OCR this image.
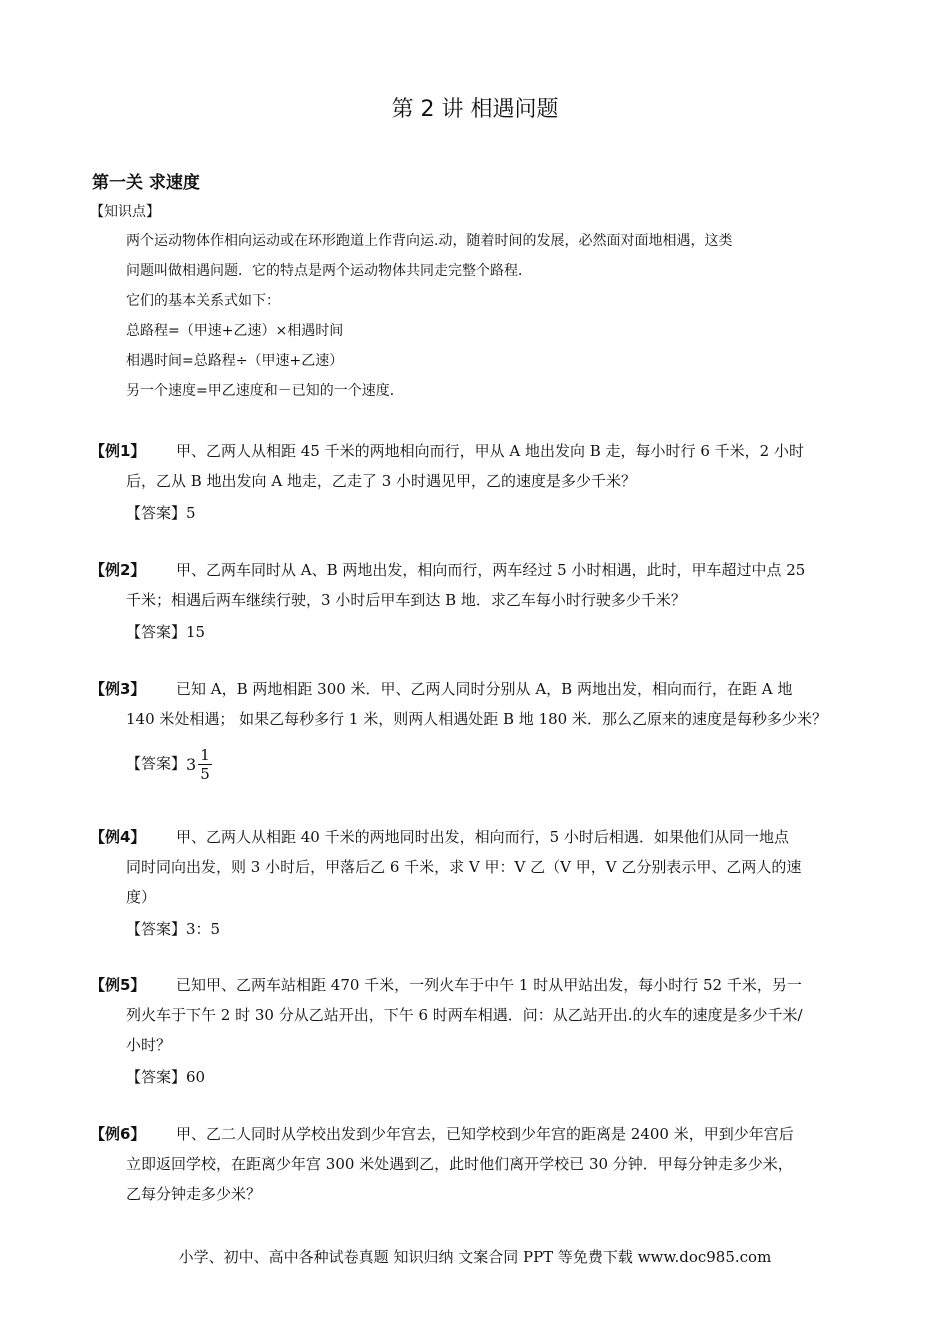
第 2 讲 相遇问题
第一关 求速度
【知识点】

两个运动物体作相向运动或在环形跑道上作背向运.动，随着时间的发展，必然面对面地相遇，这类

问题叫做相遇问题．它的特点是两个运动物体共同走完整个路程．

它们的基本关系式如下：

总路程=（甲速+乙速）×相遇时间

相遇时间=总路程÷（甲速+乙速）

另一个速度=甲乙速度和－已知的一个速度．

【例1】	甲、乙两人从相距 45 千米的两地相向而行，甲从 A 地出发向 B 走，每小时行 6 千米，2 小时
后，乙从 B 地出发向 A 地走，乙走了 3 小时遇见甲，乙的速度是多少千米？
【答案】5
【例2】	甲、乙两车同时从 A、B 两地出发，相向而行，两车经过 5 小时相遇，此时，甲车超过中点 25
千米；相遇后两车继续行驶，3 小时后甲车到达 B 地．求乙车每小时行驶多少千米？
【答案】15
【例3】	已知 A，B 两地相距 300 米．甲、乙两人同时分别从 A，B 两地出发，相向而行，在距 A 地
140 米处相遇； 如果乙每秒多行 1 米，则两人相遇处距 B 地 180 米．那么乙原来的速度是每秒多少米？
【答案】 $3 \frac{1}{5}$
【例4】	甲、乙两人从相距 40 千米的两地同时出发，相向而行，5 小时后相遇．如果他们从同一地点
同时同向出发，则 3 小时后，甲落后乙 6 千米，求 V 甲：V 乙（V 甲，V 乙分别表示甲、乙两人的速
度）
【答案】3：5
【例5】	已知甲、乙两车站相距 470 千米，一列火车于中午 1 时从甲站出发，每小时行 52 千米，另一
列火车于下午 2 时 30 分从乙站开出，下午 6 时两车相遇．问：从乙站开出.的火车的速度是多少千米/
小时？
【答案】60
【例6】	甲、乙二人同时从学校出发到少年宫去，已知学校到少年宫的距离是 2400 米，甲到少年宫后
立即返回学校，在距离少年宫 300 米处遇到乙，此时他们离开学校已 30 分钟．甲每分钟走多少米，
乙每分钟走多少米？
小学、初中、高中各种试卷真题 知识归纳 文案合同 PPT 等免费下载 www.doc985.com
